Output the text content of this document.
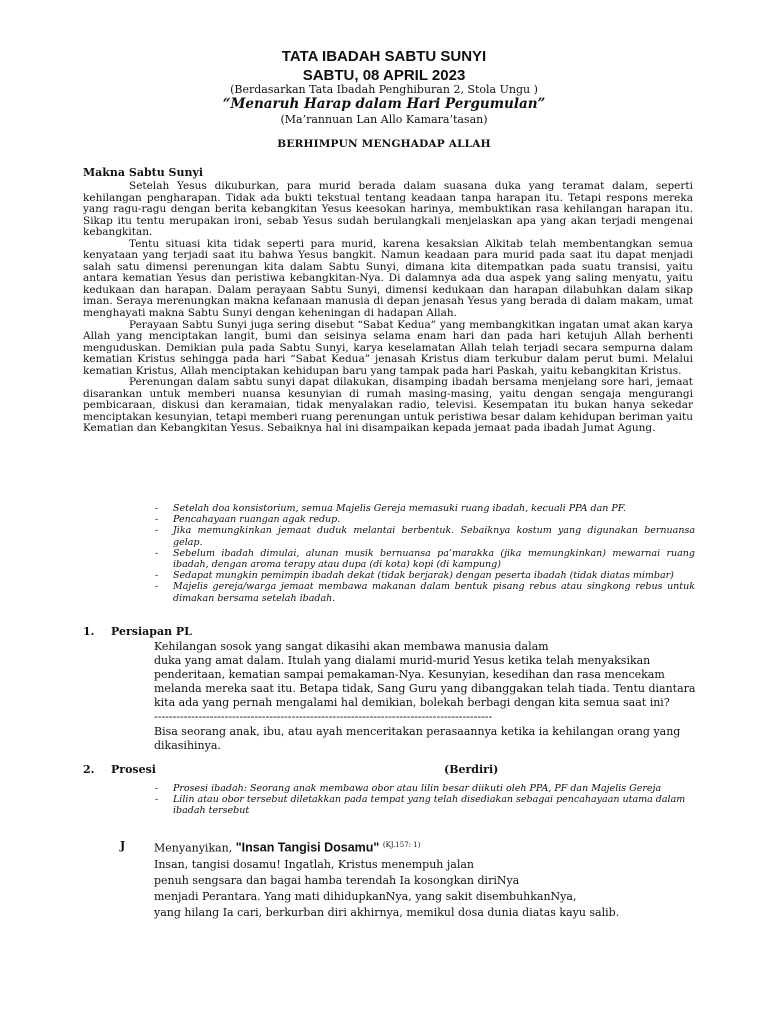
TATA IBADAH SABTU SUNYI
SABTU, 08 APRIL 2023
(Berdasarkan Tata Ibadah Penghiburan 2, Stola Ungu )
“Menaruh Harap dalam Hari Pergumulan”
(Ma’rannuan Lan Allo Kamara’tasan)
BERHIMPUN MENGHADAP ALLAH
Makna Sabtu Sunyi

Setelah Yesus dikuburkan, para murid berada dalam suasana duka yang teramat dalam, seperti kehilangan pengharapan. Tidak ada bukti tekstual tentang keadaan tanpa harapan itu. Tetapi respons mereka yang ragu-ragu dengan berita kebangkitan Yesus keesokan harinya, membuktikan rasa kehilangan harapan itu. Sikap itu tentu merupakan ironi, sebab Yesus sudah berulangkali menjelaskan apa yang akan terjadi mengenai kebangkitan.

Tentu situasi kita tidak seperti para murid, karena kesaksian Alkitab telah membentangkan semua kenyataan yang terjadi saat itu bahwa Yesus bangkit. Namun keadaan para murid pada saat itu dapat menjadi salah satu dimensi perenungan kita dalam Sabtu Sunyi, dimana kita ditempatkan pada suatu transisi, yaitu antara kematian Yesus dan peristiwa kebangkitan-Nya. Di dalamnya ada dua aspek yang saling menyatu, yaitu kedukaan dan harapan. Dalam perayaan Sabtu Sunyi, dimensi kedukaan dan harapan dilabuhkan dalam sikap iman. Seraya merenungkan makna kefanaan manusia di depan jenasah Yesus yang berada di dalam makam, umat menghayati makna Sabtu Sunyi dengan keheningan di hadapan Allah.

Perayaan Sabtu Sunyi juga sering disebut “Sabat Kedua” yang membangkitkan ingatan umat akan karya Allah yang menciptakan langit, bumi dan seisinya selama enam hari dan pada hari ketujuh Allah berhenti menguduskan. Demikian pula pada Sabtu Sunyi, karya keselamatan Allah telah terjadi secara sempurna dalam kematian Kristus sehingga pada hari “Sabat Kedua” jenasah Kristus diam terkubur dalam perut bumi. Melalui kematian Kristus, Allah menciptakan kehidupan baru yang tampak pada hari Paskah, yaitu kebangkitan Kristus.

Perenungan dalam sabtu sunyi dapat dilakukan, disamping ibadah bersama menjelang sore hari, jemaat disarankan untuk memberi nuansa kesunyian di rumah masing-masing, yaitu dengan sengaja mengurangi pembicaraan, diskusi dan keramaian, tidak menyalakan radio, televisi. Kesempatan itu bukan hanya sekedar menciptakan kesunyian, tetapi memberi ruang perenungan untuk peristiwa besar dalam kehidupan beriman yaitu Kematian dan Kebangkitan Yesus. Sebaiknya hal ini disampaikan kepada jemaat pada ibadah Jumat Agung.

- Setelah doa konsistorium, semua Majelis Gereja memasuki ruang ibadah, kecuali PPA dan PF.
- Pencahayaan ruangan agak redup.
- Jika memungkinkan jemaat duduk melantai berbentuk. Sebaiknya kostum yang digunakan bernuansa gelap.
- Sebelum ibadah dimulai, alunan musik bernuansa pa’marakka (jika memungkinkan) mewarnai ruang ibadah, dengan aroma terapy atau dupa (di kota) kopi (di kampung)
- Sedapat mungkin pemimpin ibadah dekat (tidak berjarak) dengan peserta ibadah (tidak diatas mimbar)
- Majelis gereja/warga jemaat membawa makanan dalam bentuk pisang rebus atau singkong rebus untuk dimakan bersama setelah ibadah.
1. Persiapan PL

Kehilangan sosok yang sangat dikasihi akan membawa manusia dalam

duka yang amat dalam. Itulah yang dialami murid-murid Yesus ketika telah menyaksikan penderitaan, kematian sampai pemakaman-Nya. Kesunyian, kesedihan dan rasa mencekam melanda mereka saat itu. Betapa tidak, Sang Guru yang dibanggakan telah tiada. Tentu diantara kita ada yang pernah mengalami hal demikian, bolekah berbagi dengan kita semua saat ini?

-------------------------------------------------------------------------------------------

Bisa seorang anak, ibu, atau ayah menceritakan perasaannya ketika ia kehilangan orang yang dikasihinya.

2. Prosesi	(Berdiri)
- Prosesi ibadah: Seorang anak membawa obor atau lilin besar diikuti oleh PPA, PF dan Majelis Gereja
- Lilin atau obor tersebut diletakkan pada tempat yang telah disediakan sebagai pencahayaan utama dalam ibadah tersebut
J	Menyanyikan, "Insan Tangisi Dosamu" $^{(KJ.157: 1)}$

Insan, tangisi dosamu! Ingatlah, Kristus menempuh jalan

penuh sengsara dan bagai hamba terendah Ia kosongkan diriNya

menjadi Perantara. Yang mati dihidupkanNya, yang sakit disembuhkanNya,

yang hilang Ia cari, berkurban diri akhirnya, memikul dosa dunia diatas kayu salib.
